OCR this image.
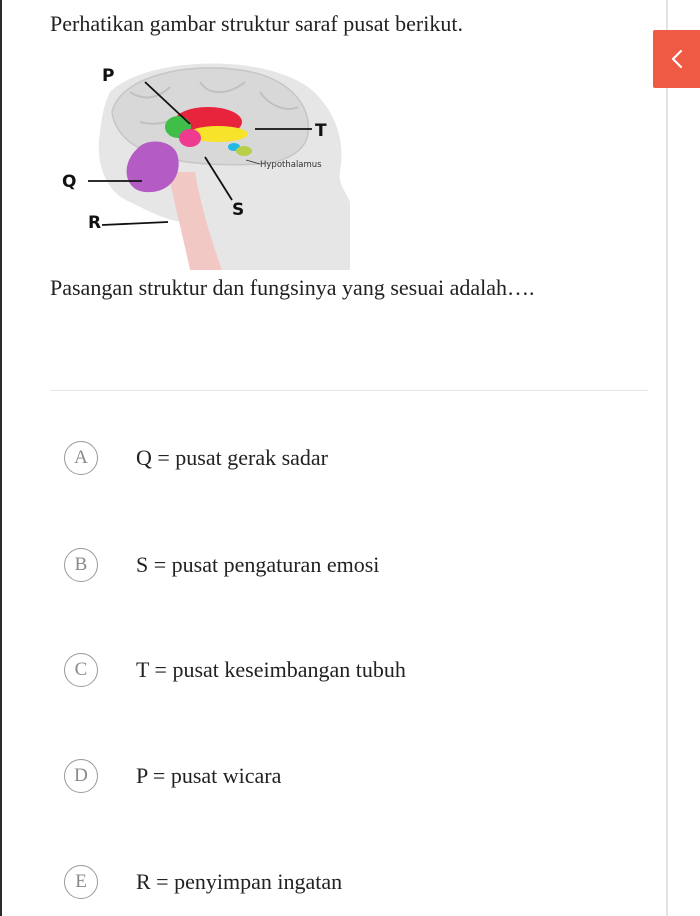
Perhatikan gambar struktur saraf pusat berikut.
P
T
Hypothalamus
Q
S
R
Pasangan struktur dan fungsinya yang sesuai adalah….
A	Q = pusat gerak sadar
B	S = pusat pengaturan emosi
C	T = pusat keseimbangan tubuh
D	P = pusat wicara
E	R = penyimpan ingatan
